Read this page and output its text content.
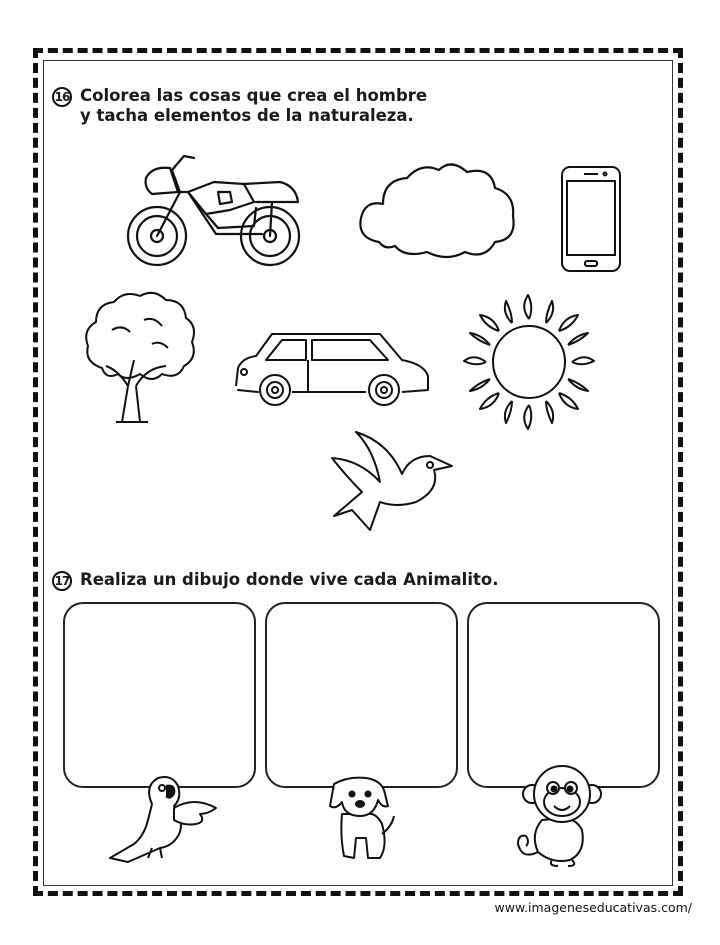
16 Colorea las cosas que crea el hombre
y tacha elementos de la naturaleza.
17 Realiza un dibujo donde vive cada Animalito.
www.imageneseducativas.com/
